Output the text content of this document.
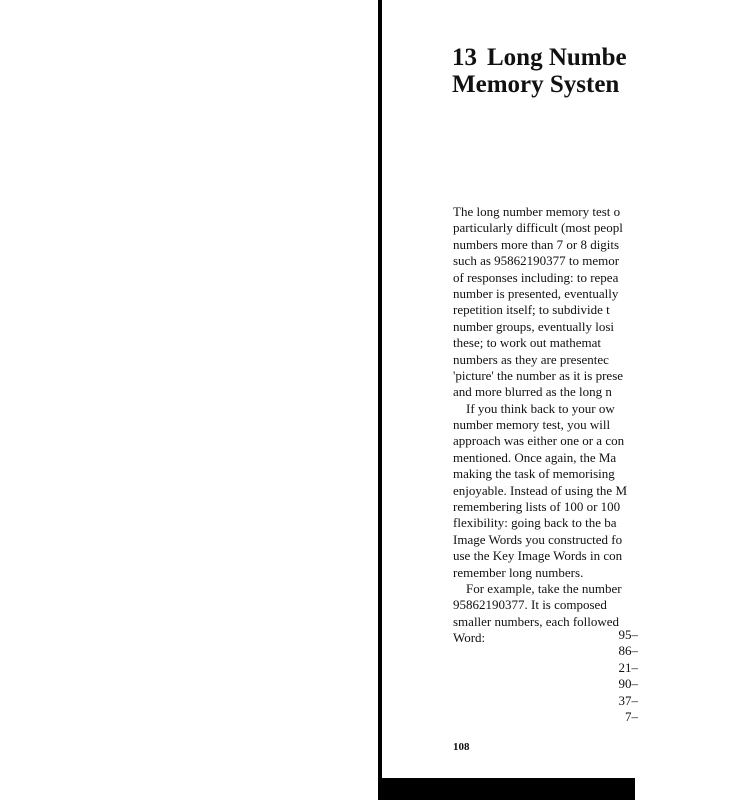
13 Long Numbe
Memory Systen
The long number memory test o
particularly difficult (most peopl
numbers more than 7 or 8 digits
such as 95862190377 to memor
of responses including: to repea
number is presented, eventually
repetition itself; to subdivide t
number groups, eventually losi
these; to work out mathemat
numbers as they are presentec
'picture' the number as it is prese
and more blurred as the long n
If you think back to your ow
number memory test, you will
approach was either one or a con
mentioned. Once again, the Ma
making the task of memorising
enjoyable. Instead of using the M
remembering lists of 100 or 100
flexibility: going back to the ba
Image Words you constructed fo
use the Key Image Words in con
remember long numbers.
For example, take the number
95862190377. It is composed
smaller numbers, each followed
Word:	95–
86–
21–
90–
37–
7–
108
